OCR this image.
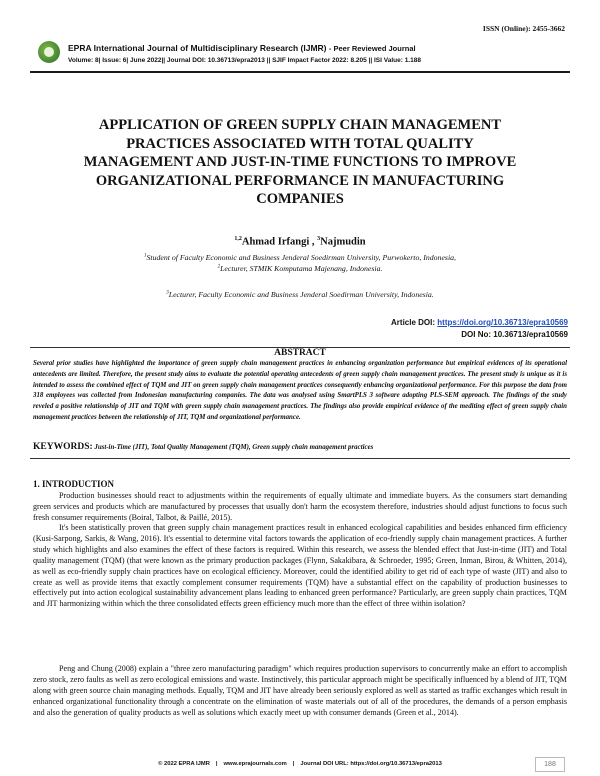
ISSN (Online): 2455-3662
EPRA International Journal of Multidisciplinary Research (IJMR) - Peer Reviewed Journal
Volume: 8| Issue: 6| June 2022|| Journal DOI: 10.36713/epra2013 || SJIF Impact Factor 2022: 8.205 || ISI Value: 1.188
APPLICATION OF GREEN SUPPLY CHAIN MANAGEMENT
PRACTICES ASSOCIATED WITH TOTAL QUALITY
MANAGEMENT AND JUST-IN-TIME FUNCTIONS TO IMPROVE
ORGANIZATIONAL PERFORMANCE IN MANUFACTURING
COMPANIES
$^{1,2}$Ahmad Irfangi , $^3$Najmudin
$^1$Student of Faculty Economic and Business Jenderal Soedirman University, Purwokerto, Indonesia,
$^2$Lecturer, STMIK Komputama Majenang, Indonesia.
$^3$Lecturer, Faculty Economic and Business Jenderal Soedirman University, Indonesia.
Article DOI: https://doi.org/10.36713/epra10569
DOI No: 10.36713/epra10569
ABSTRACT
Several prior studies have highlighted the importance of green supply chain management practices in enhancing organization performance but empirical evidences of its operational antecedents are limited. Therefore, the present study aims to evaluate the potential operating antecedents of green supply chain management practices. The present study is unique as it is intended to assess the combined effect of TQM and JIT on green supply chain management practices consequently enhancing organizational performance. For this purpose the data from 318 employees was collected from Indonesian manufacturing companies. The data was analysed using SmartPLS 3 software adopting PLS-SEM approach. The findings of the study reveled a positive relationship of JIT and TQM with green supply chain management practices. The findings also provide empirical evidence of the mediting effect of green supply chain management practices between the relationship of JIT, TQM and organizational performance.
KEYWORDS: Just-in-Time (JIT), Total Quality Management (TQM), Green supply chain management practices
1. INTRODUCTION
Production businesses should react to adjustments within the requirements of equally ultimate and immediate buyers. As the consumers start demanding green services and products which are manufactured by processes that usually don't harm the ecosystem therefore, industries should adjust functions to focus such fresh consumer requirements (Boiral, Talbot, & Paillé, 2015).
It's been statistically proven that green supply chain management practices result in enhanced ecological capabilities and besides enhanced firm efficiency (Kusi-Sarpong, Sarkis, & Wang, 2016). It's essential to determine vital factors towards the application of eco-friendly supply chain management practices. A further study which highlights and also examines the effect of these factors is required. Within this research, we assess the blended effect that Just-in-time (JIT) and Total quality management (TQM) (that were known as the primary production packages (Flynn, Sakakibara, & Schroeder, 1995; Green, Inman, Birou, & Whitten, 2014), as well as eco-friendly supply chain practices have on ecological efficiency. Moreover, could the identified ability to get rid of each type of waste (JIT) and also to create as well as provide items that exactly complement consumer requirements (TQM) have a substantial effect on the capability of production businesses to effectively put into action ecological sustainability advancement plans leading to enhanced green performance? Particularly, are green supply chain practices, TQM and JIT harmonizing within which the three consolidated effects green efficiency much more than the effect of three within isolation?
Peng and Chung (2008) explain a "three zero manufacturing paradigm" which requires production supervisors to concurrently make an effort to accomplish zero stock, zero faults as well as zero ecological emissions and waste. Instinctively, this particular approach might be specifically influenced by a blend of JIT, TQM along with green source chain managing methods. Equally, TQM and JIT have already been seriously explored as well as started as traffic exchanges which result in enhanced organizational functionality through a concentrate on the elimination of waste materials out of all of the procedures, the demands of a person emphasis and also the generation of quality products as well as solutions which exactly meet up with consumer demands (Green et al., 2014).
© 2022 EPRA IJMR | www.eprajournals.com | Journal DOI URL: https://doi.org/10.36713/epra2013	188
